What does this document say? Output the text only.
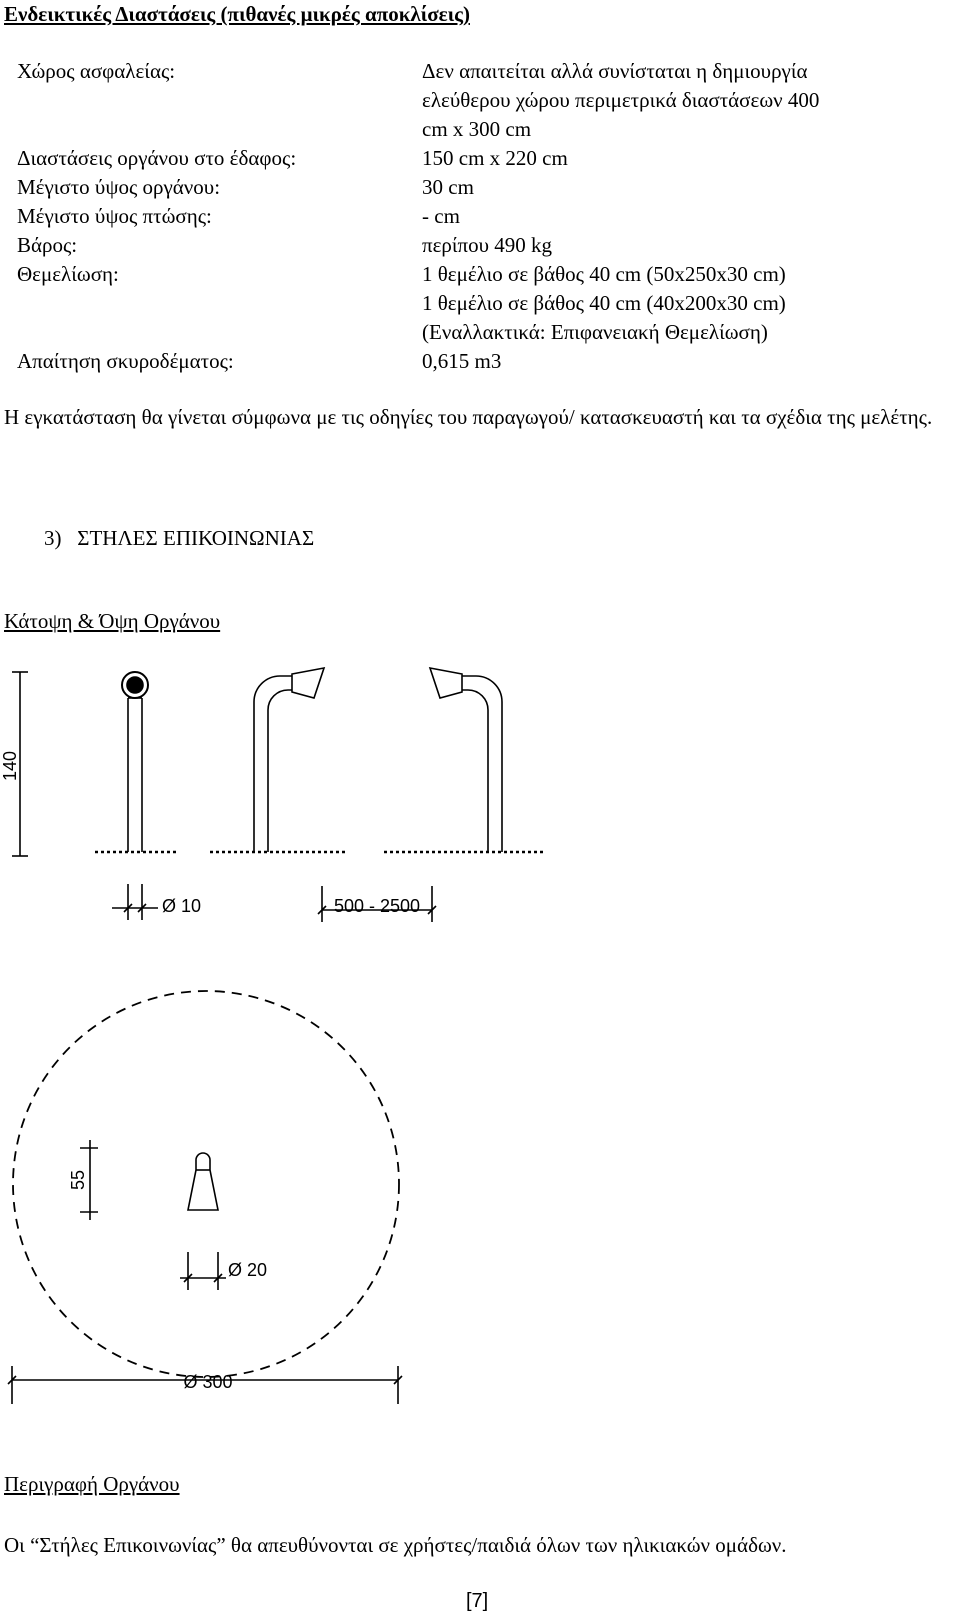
Ενδεικτικές Διαστάσεις (πιθανές μικρές αποκλίσεις)
Χώρος ασφαλείας:	Δεν απαιτείται αλλά συνίσταται η δημιουργία
ελεύθερου χώρου περιμετρικά διαστάσεων 400
cm x 300 cm
Διαστάσεις οργάνου στο έδαφος:	150 cm x 220 cm
Μέγιστο ύψος οργάνου:	30 cm
Μέγιστο ύψος πτώσης:	- cm
Βάρος:	περίπου 490 kg
Θεμελίωση:	1 θεμέλιο σε βάθος 40 cm (50x250x30 cm)
1 θεμέλιο σε βάθος 40 cm (40x200x30 cm)
(Εναλλακτικά: Επιφανειακή Θεμελίωση)
Απαίτηση σκυροδέματος:	0,615 m3
Η εγκατάσταση θα γίνεται σύμφωνα με τις οδηγίες του παραγωγού/ κατασκευαστή και τα σχέδια της μελέτης.
3)   ΣΤΗΛΕΣ ΕΠΙΚΟΙΝΩΝΙΑΣ
Κάτοψη & Όψη Οργάνου
140
Ø 10	500 - 2500
55
Ø 20
Ø 300
Περιγραφή Οργάνου
Οι “Στήλες Επικοινωνίας” θα απευθύνονται σε χρήστες/παιδιά όλων των ηλικιακών ομάδων.
[7]
